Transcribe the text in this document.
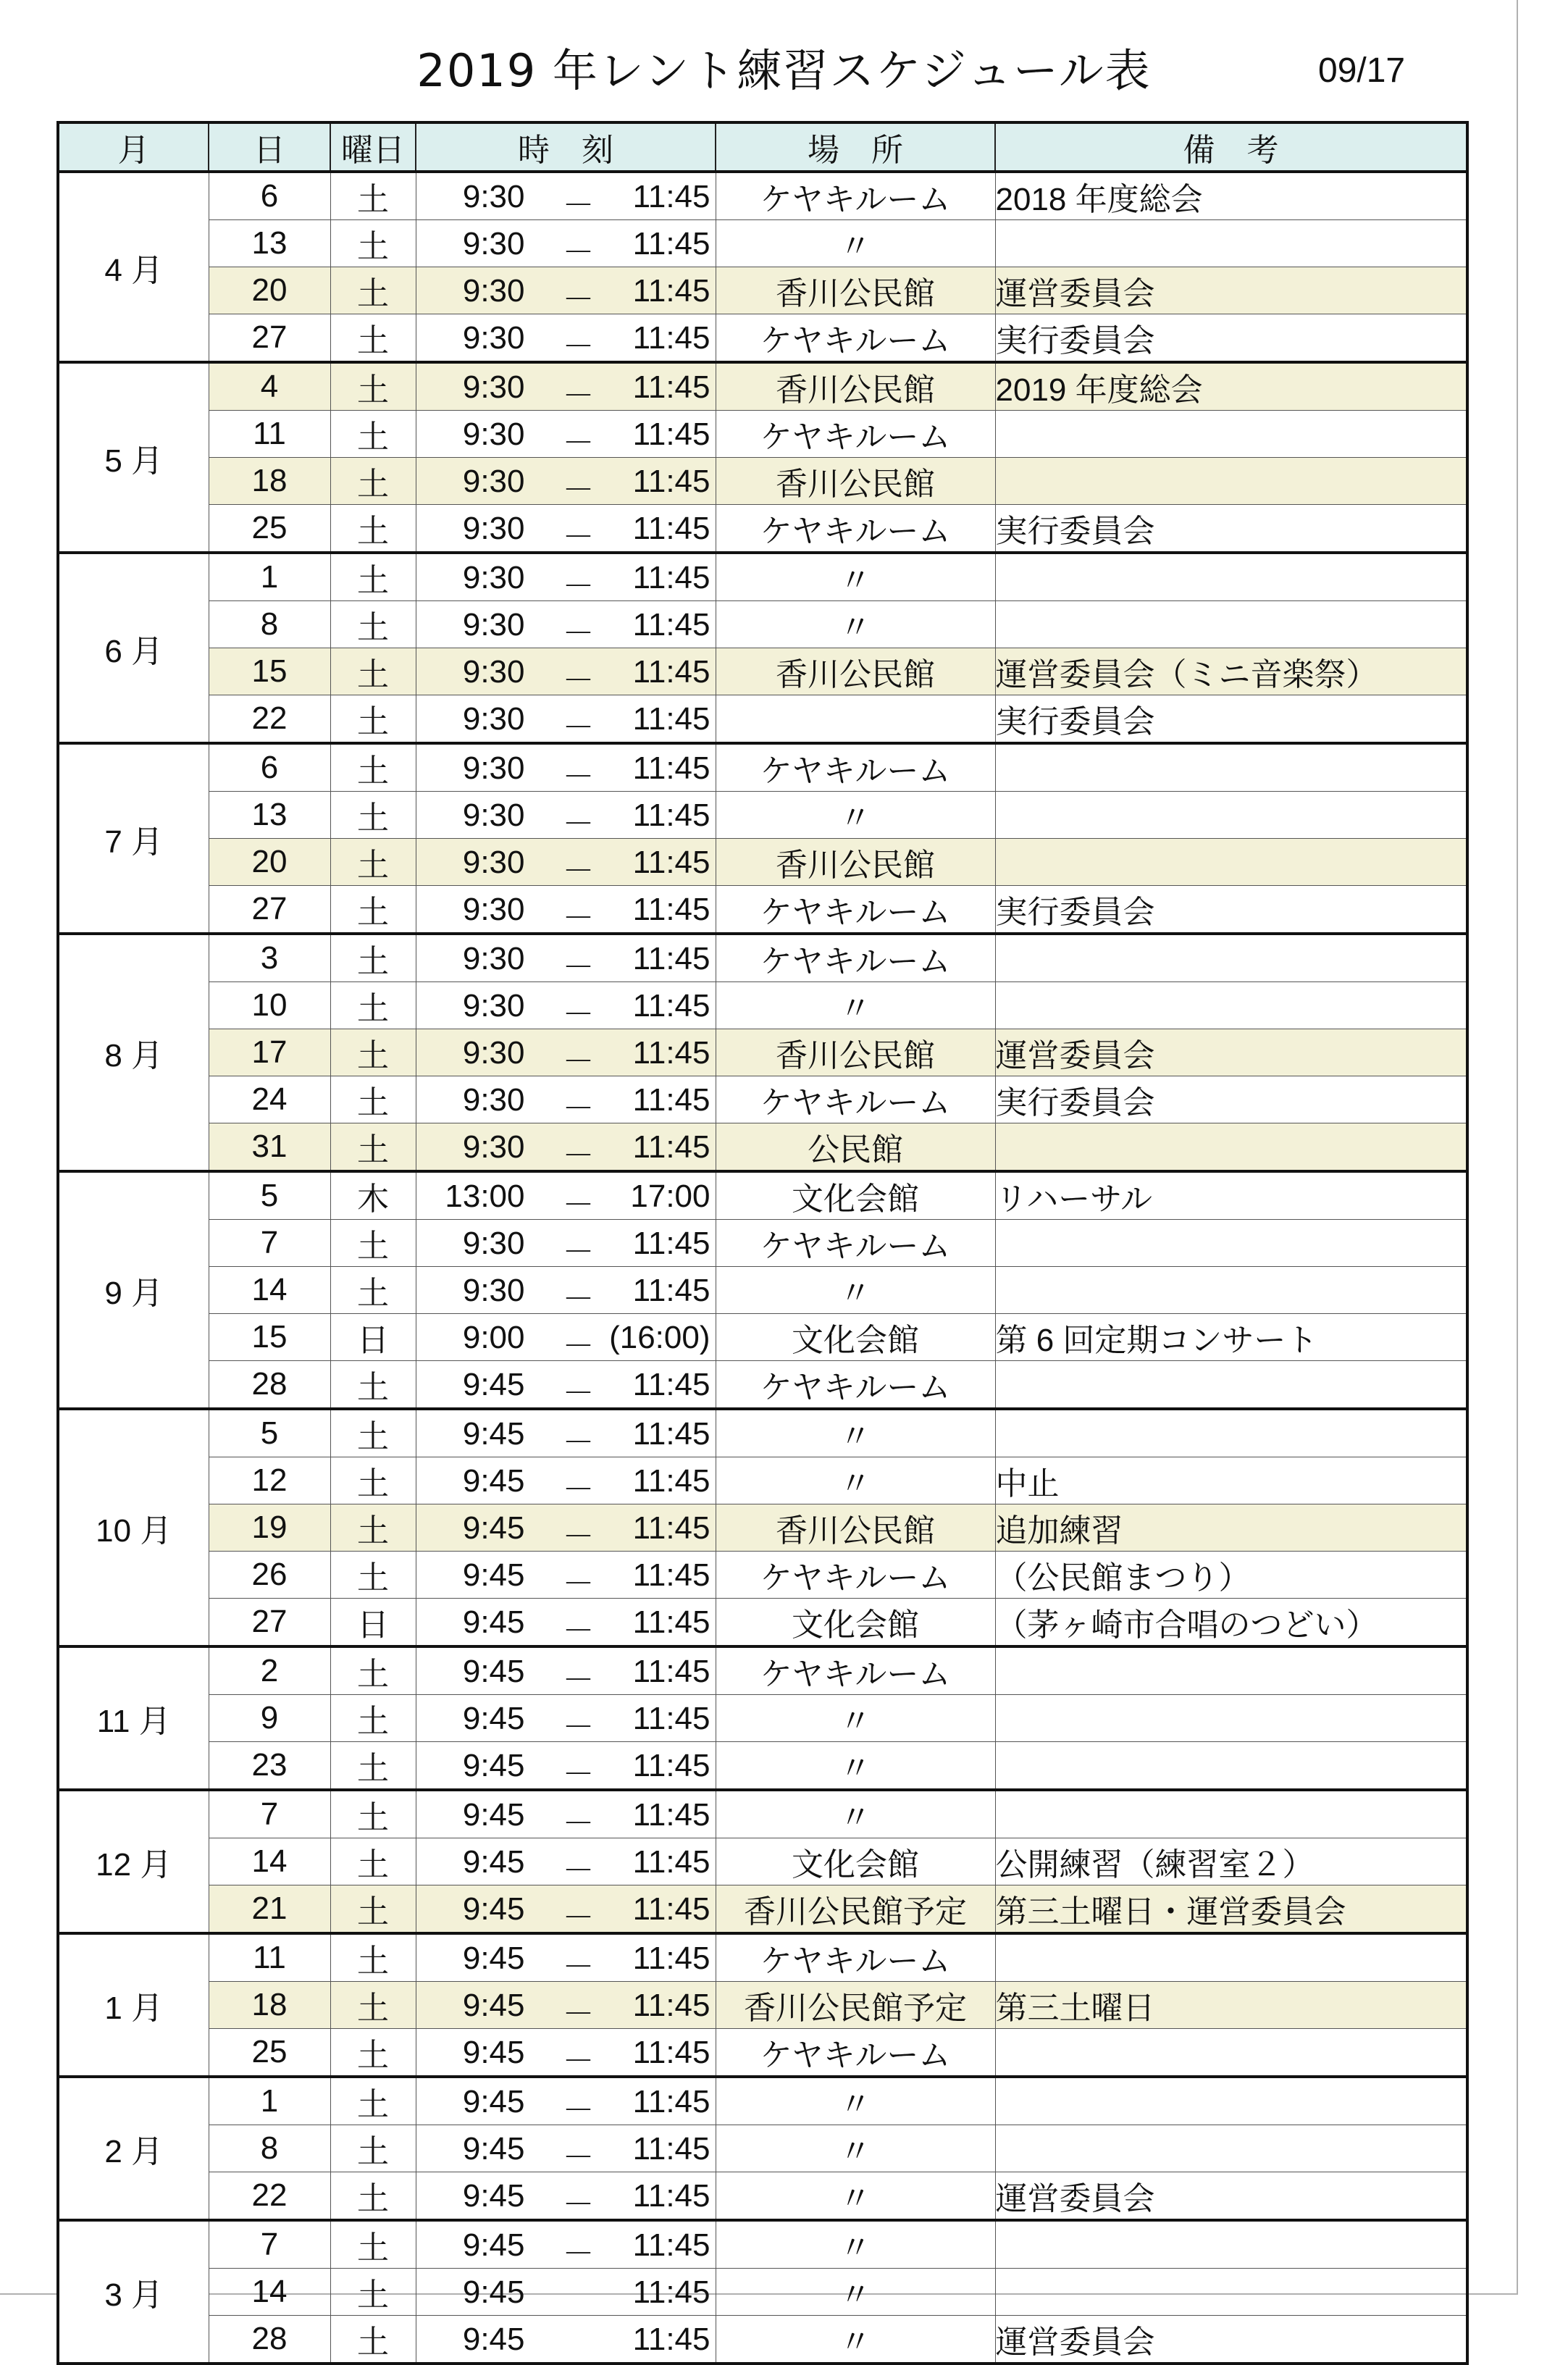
2019 年レント練習スケジュール表	09/17
月	日	曜日	時　刻	場　所	備　考
4 月	6	土	9:30 － 11:45	ケヤキルーム	2018 年度総会
	13	土	9:30 － 11:45	〃	
	20	土	9:30 － 11:45	香川公民館	運営委員会
	27	土	9:30 － 11:45	ケヤキルーム	実行委員会
5 月	4	土	9:30 － 11:45	香川公民館	2019 年度総会
	11	土	9:30 － 11:45	ケヤキルーム	
	18	土	9:30 － 11:45	香川公民館	
	25	土	9:30 － 11:45	ケヤキルーム	実行委員会
6 月	1	土	9:30 － 11:45	〃	
	8	土	9:30 － 11:45	〃	
	15	土	9:30 － 11:45	香川公民館	運営委員会（ミニ音楽祭）
	22	土	9:30 － 11:45		実行委員会
7 月	6	土	9:30 － 11:45	ケヤキルーム	
	13	土	9:30 － 11:45	〃	
	20	土	9:30 － 11:45	香川公民館	
	27	土	9:30 － 11:45	ケヤキルーム	実行委員会
8 月	3	土	9:30 － 11:45	ケヤキルーム	
	10	土	9:30 － 11:45	〃	
	17	土	9:30 － 11:45	香川公民館	運営委員会
	24	土	9:30 － 11:45	ケヤキルーム	実行委員会
	31	土	9:30 － 11:45	公民館	
9 月	5	木	13:00 － 17:00	文化会館	リハーサル
	7	土	9:30 － 11:45	ケヤキルーム	
	14	土	9:30 － 11:45	〃	
	15	日	9:00 － (16:00)	文化会館	第 6 回定期コンサート
	28	土	9:45 － 11:45	ケヤキルーム	
10 月	5	土	9:45 － 11:45	〃	
	12	土	9:45 － 11:45	〃	中止
	19	土	9:45 － 11:45	香川公民館	追加練習
	26	土	9:45 － 11:45	ケヤキルーム	（公民館まつり）
	27	日	9:45 － 11:45	文化会館	（茅ヶ崎市合唱のつどい）
11 月	2	土	9:45 － 11:45	ケヤキルーム	
	9	土	9:45 － 11:45	〃	
	23	土	9:45 － 11:45	〃	
12 月	7	土	9:45 － 11:45	〃	
	14	土	9:45 － 11:45	文化会館	公開練習（練習室２）
	21	土	9:45 － 11:45	香川公民館予定	第三土曜日・運営委員会
1 月	11	土	9:45 － 11:45	ケヤキルーム	
	18	土	9:45 － 11:45	香川公民館予定	第三土曜日
	25	土	9:45 － 11:45	ケヤキルーム	
2 月	1	土	9:45 － 11:45	〃	
	8	土	9:45 － 11:45	〃	
	22	土	9:45 － 11:45	〃	運営委員会
3 月	7	土	9:45 － 11:45	〃	
	14	土	9:45 11:45	〃	
	28	土	9:45 11:45	〃	運営委員会
